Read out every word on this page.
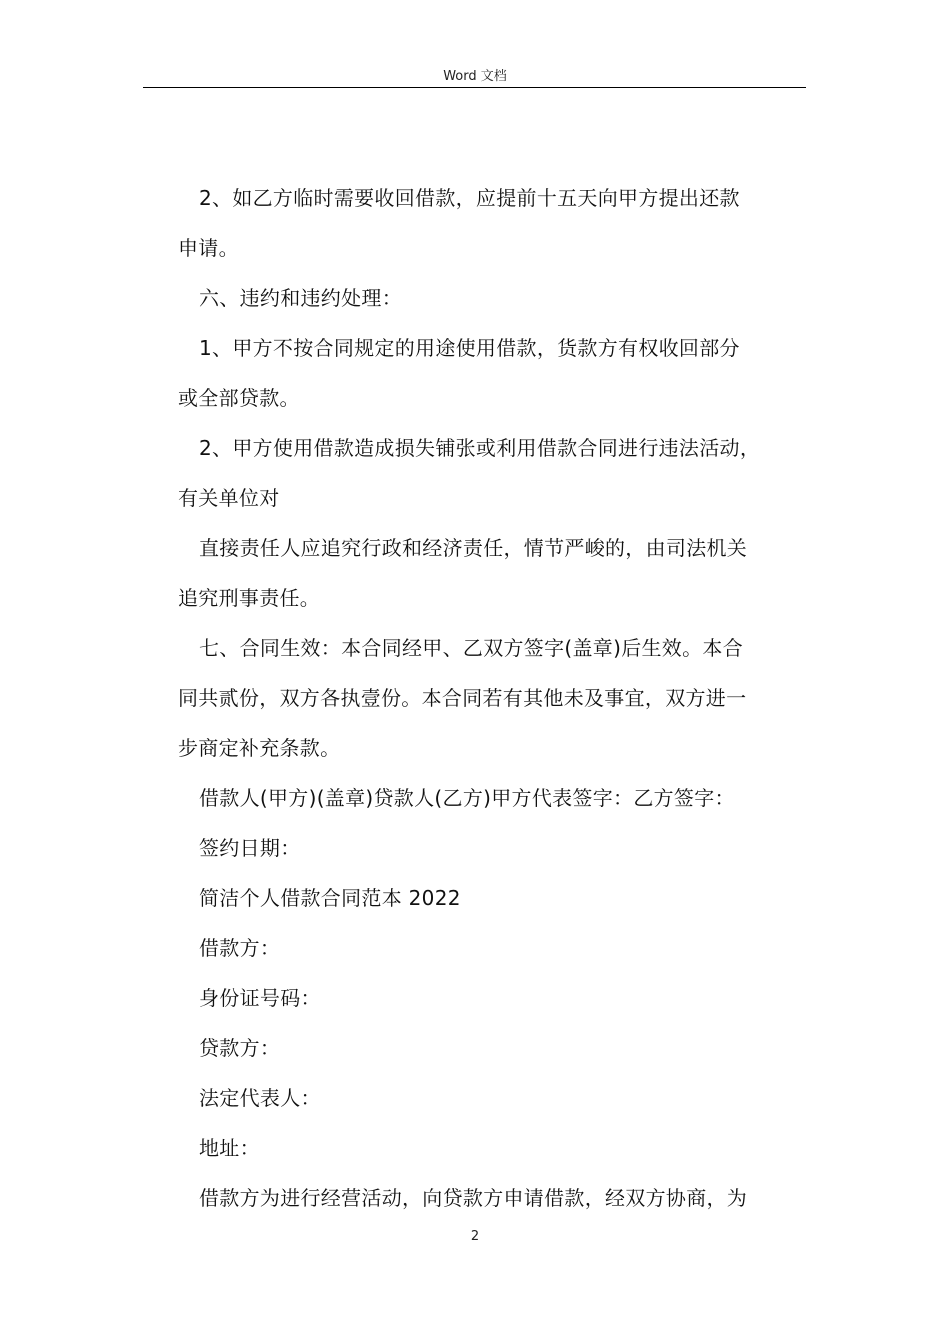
Word 文档
2、如乙方临时需要收回借款，应提前十五天向甲方提出还款
申请。
六、违约和违约处理：
1、甲方不按合同规定的用途使用借款，货款方有权收回部分
或全部贷款。
2、甲方使用借款造成损失铺张或利用借款合同进行违法活动，
有关单位对
直接责任人应追究行政和经济责任，情节严峻的，由司法机关
追究刑事责任。
七、合同生效：本合同经甲、乙双方签字(盖章)后生效。本合
同共贰份，双方各执壹份。本合同若有其他未及事宜，双方进一
步商定补充条款。
借款人(甲方)(盖章)贷款人(乙方)甲方代表签字：乙方签字：
签约日期：
简洁个人借款合同范本 2022
借款方：
身份证号码：
贷款方：
法定代表人：
地址：
借款方为进行经营活动，向贷款方申请借款，经双方协商，为
2
